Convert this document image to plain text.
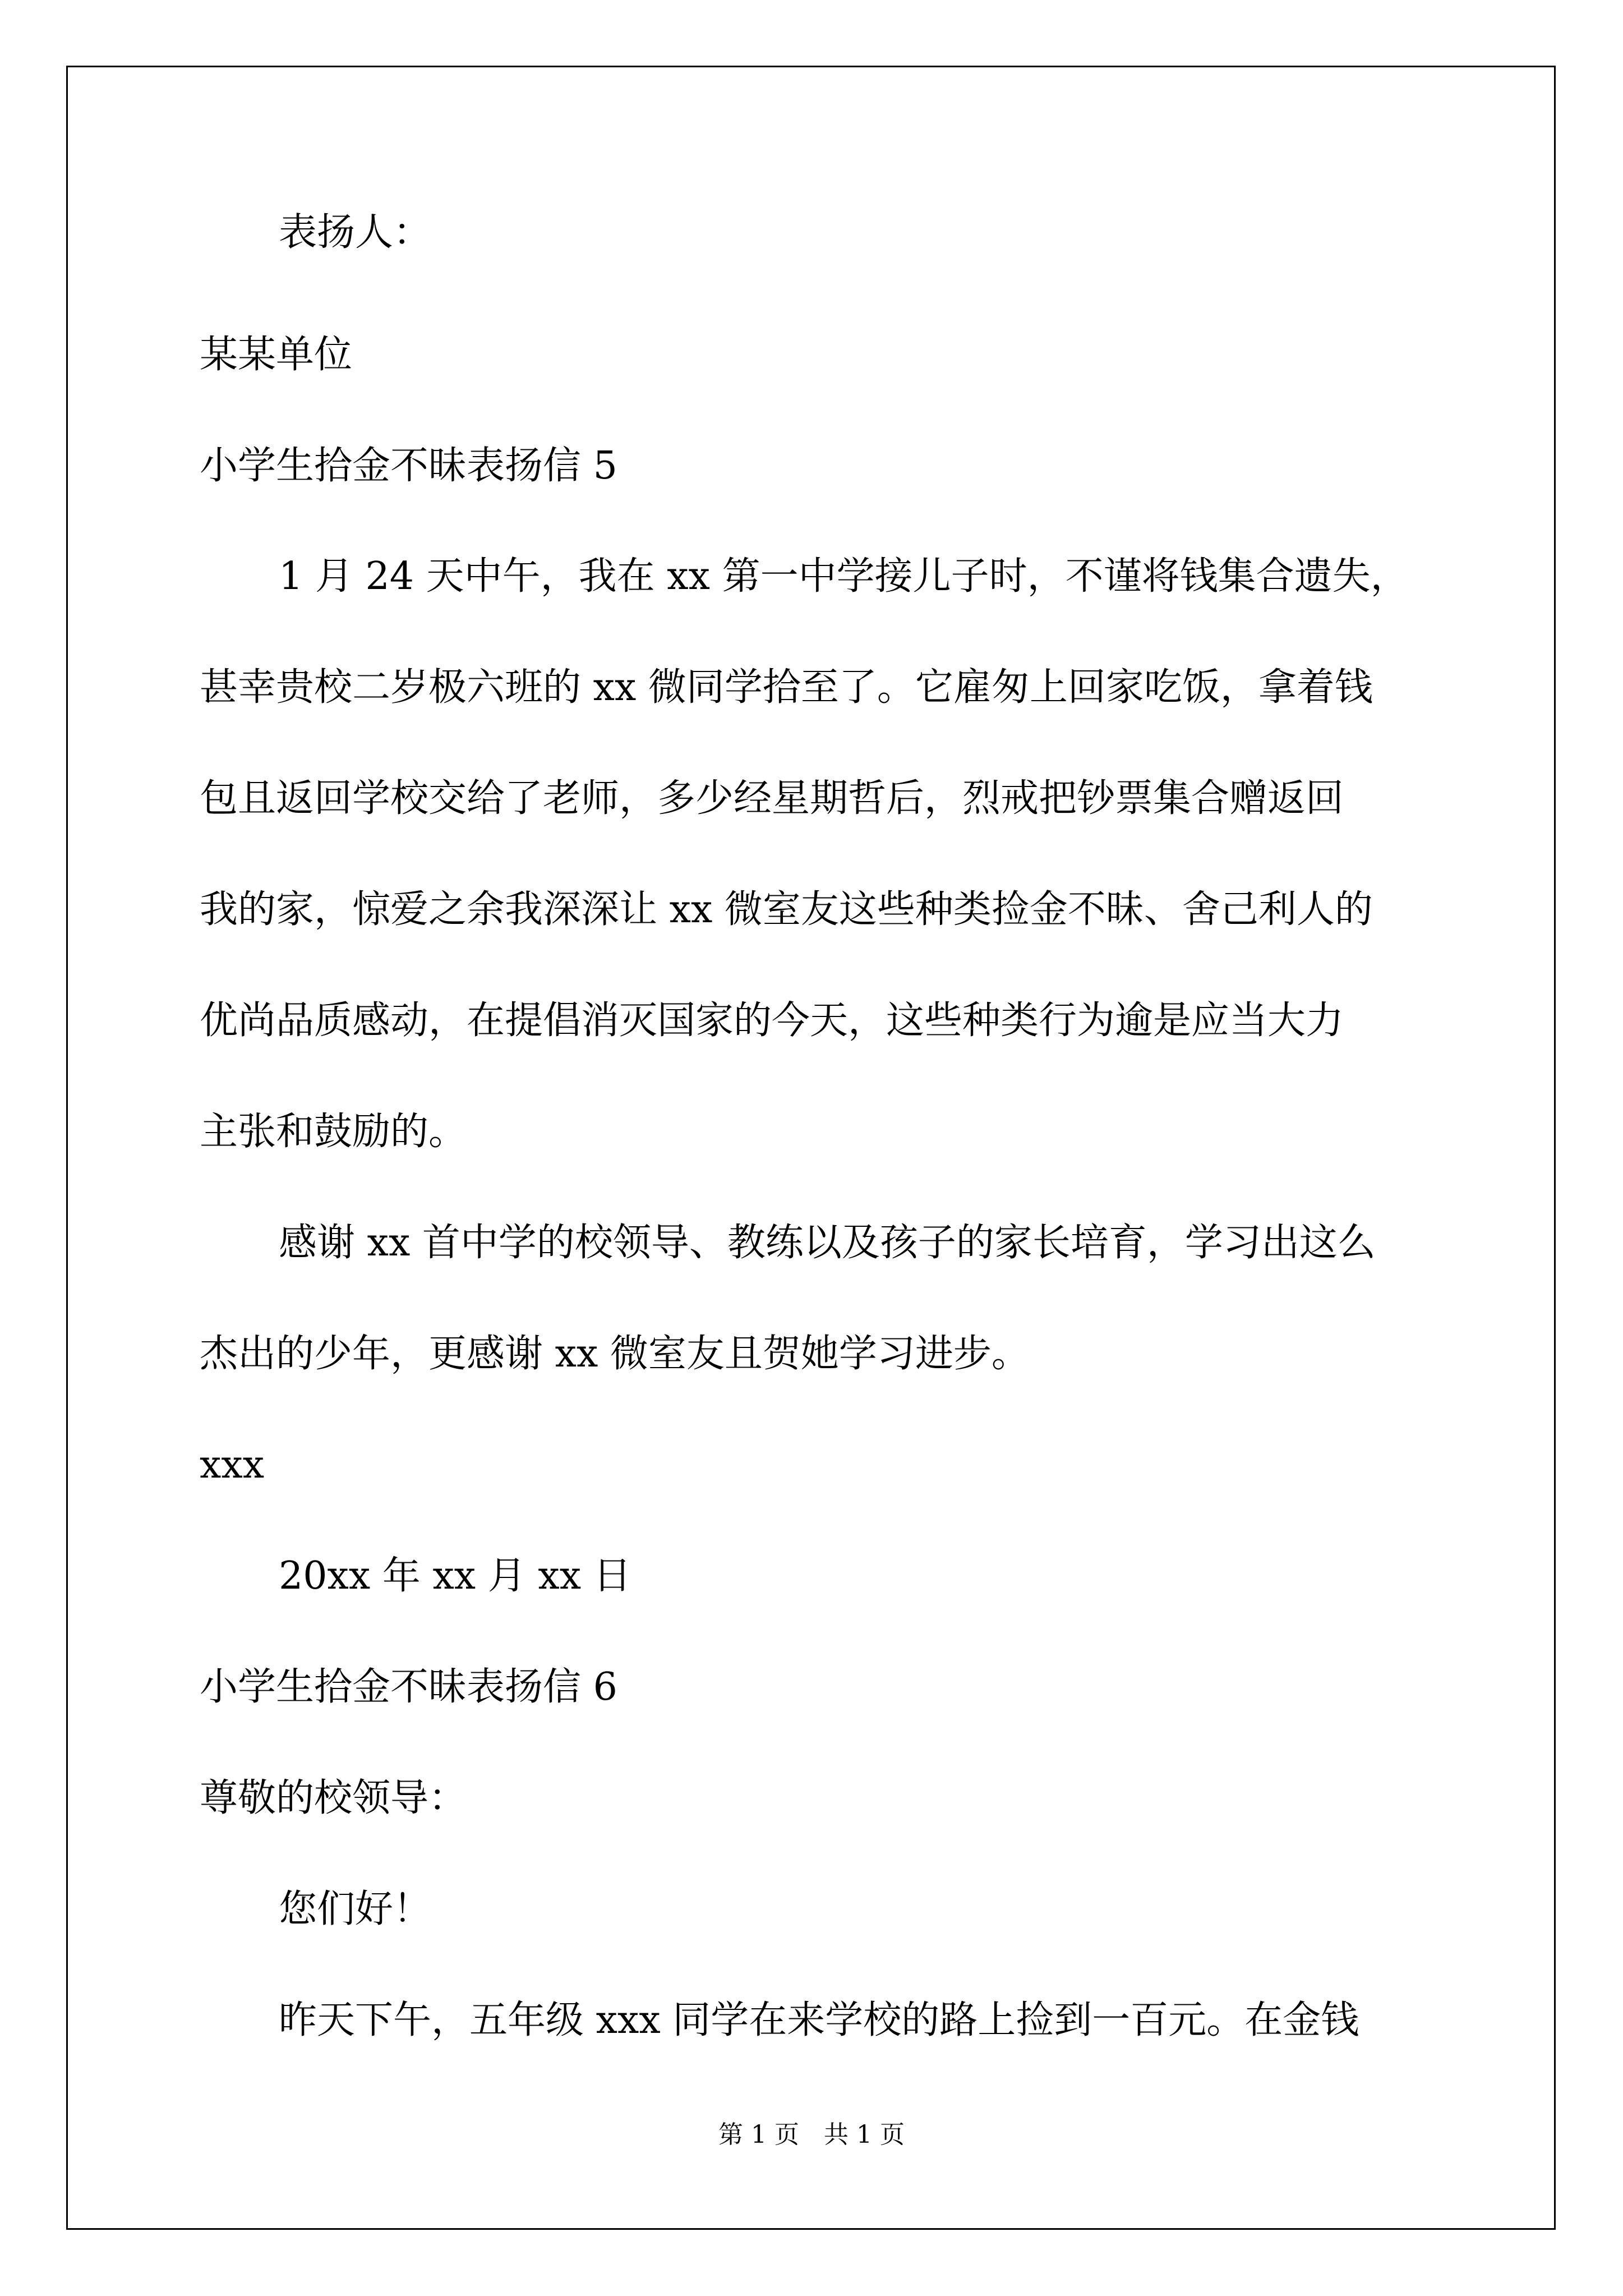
表扬人：
某某单位
小学生拾金不昧表扬信 5
1 月 24 天中午，我在 xx 第一中学接儿子时，不谨将钱集合遗失，
甚幸贵校二岁极六班的 xx 微同学拾至了。它雇匆上回家吃饭，拿着钱
包且返回学校交给了老师，多少经星期哲后，烈戒把钞票集合赠返回
我的家，惊爱之余我深深让 xx 微室友这些种类捡金不昧、舍己利人的
优尚品质感动，在提倡消灭国家的今天，这些种类行为逾是应当大力
主张和鼓励的。
感谢 xx 首中学的校领导、教练以及孩子的家长培育，学习出这么
杰出的少年，更感谢 xx 微室友且贺她学习进步。
xxx
20xx 年 xx 月 xx 日
小学生拾金不昧表扬信 6
尊敬的校领导：
您们好！
昨天下午，五年级 xxx 同学在来学校的路上捡到一百元。在金钱
第 1 页　共 1 页
